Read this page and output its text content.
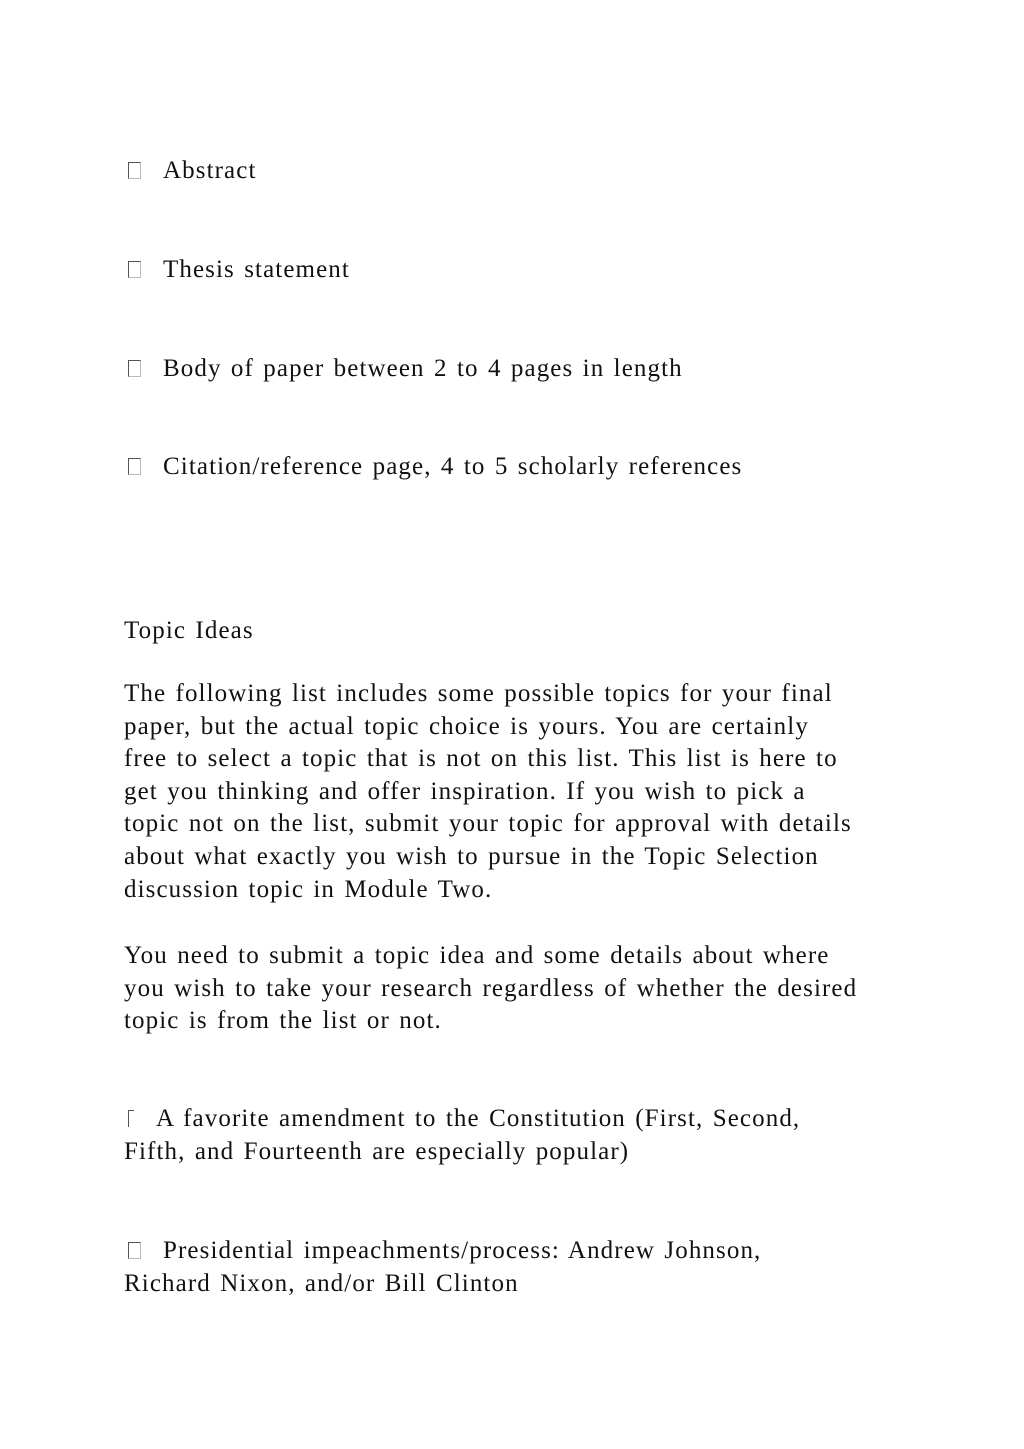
Abstract
Thesis statement
Body of paper between 2 to 4 pages in length
Citation/reference page, 4 to 5 scholarly references
Topic Ideas
The following list includes some possible topics for your final
paper, but the actual topic choice is yours. You are certainly
free to select a topic that is not on this list. This list is here to
get you thinking and offer inspiration. If you wish to pick a
topic not on the list, submit your topic for approval with details
about what exactly you wish to pursue in the Topic Selection
discussion topic in Module Two.
You need to submit a topic idea and some details about where
you wish to take your research regardless of whether the desired
topic is from the list or not.
A favorite amendment to the Constitution (First, Second,
Fifth, and Fourteenth are especially popular)
Presidential impeachments/process: Andrew Johnson,
Richard Nixon, and/or Bill Clinton
